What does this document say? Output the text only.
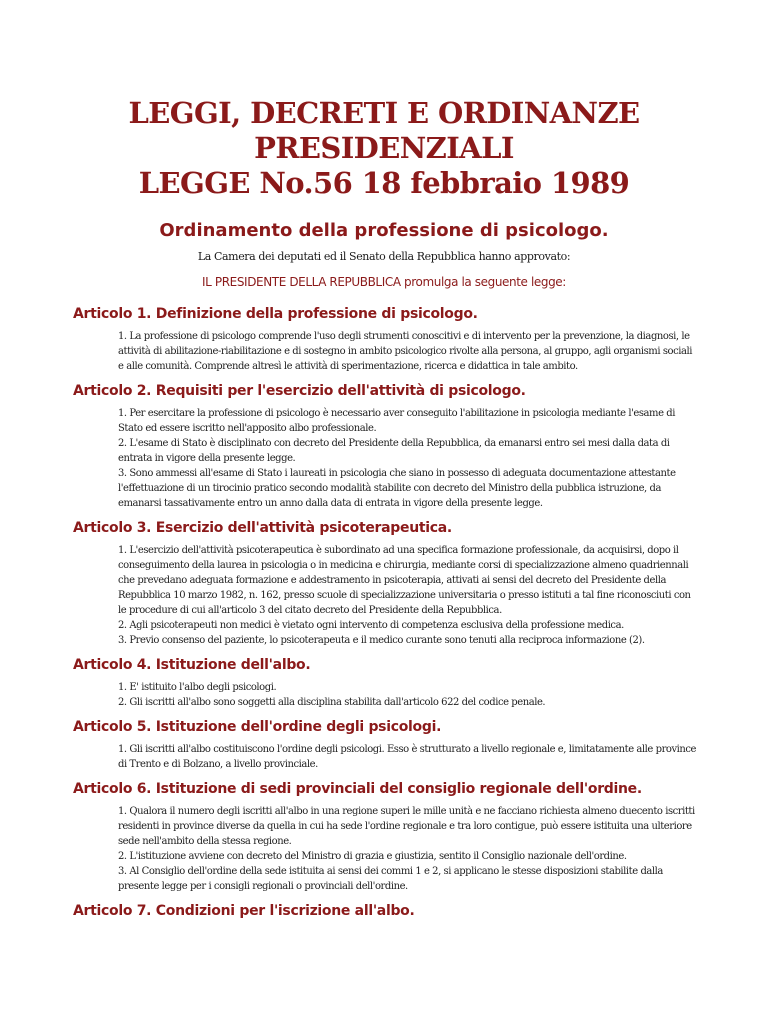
LEGGI, DECRETI E ORDINANZE
PRESIDENZIALI
LEGGE No.56 18 febbraio 1989
Ordinamento della professione di psicologo.
La Camera dei deputati ed il Senato della Repubblica hanno approvato:
IL PRESIDENTE DELLA REPUBBLICA promulga la seguente legge:
Articolo 1. Definizione della professione di psicologo.

1. La professione di psicologo comprende l'uso degli strumenti conoscitivi e di intervento per la prevenzione, la diagnosi, le attività di abilitazione-riabilitazione e di sostegno in ambito psicologico rivolte alla persona, al gruppo, agli organismi sociali e alle comunità. Comprende altresì le attività di sperimentazione, ricerca e didattica in tale ambito.

Articolo 2. Requisiti per l'esercizio dell'attività di psicologo.

1. Per esercitare la professione di psicologo è necessario aver conseguito l'abilitazione in psicologia mediante l'esame di Stato ed essere iscritto nell'apposito albo professionale.

2. L'esame di Stato è disciplinato con decreto del Presidente della Repubblica, da emanarsi entro sei mesi dalla data di entrata in vigore della presente legge.

3. Sono ammessi all'esame di Stato i laureati in psicologia che siano in possesso di adeguata documentazione attestante l'effettuazione di un tirocinio pratico secondo modalità stabilite con decreto del Ministro della pubblica istruzione, da emanarsi tassativamente entro un anno dalla data di entrata in vigore della presente legge.

Articolo 3. Esercizio dell'attività psicoterapeutica.

1. L'esercizio dell'attività psicoterapeutica è subordinato ad una specifica formazione professionale, da acquisirsi, dopo il conseguimento della laurea in psicologia o in medicina e chirurgia, mediante corsi di specializzazione almeno quadriennali che prevedano adeguata formazione e addestramento in psicoterapia, attivati ai sensi del decreto del Presidente della Repubblica 10 marzo 1982, n. 162, presso scuole di specializzazione universitaria o presso istituti a tal fine riconosciuti con le procedure di cui all'articolo 3 del citato decreto del Presidente della Repubblica.

2. Agli psicoterapeuti non medici è vietato ogni intervento di competenza esclusiva della professione medica.

3. Previo consenso del paziente, lo psicoterapeuta e il medico curante sono tenuti alla reciproca informazione (2).

Articolo 4. Istituzione dell'albo.

1. E' istituito l'albo degli psicologi.

2. Gli iscritti all'albo sono soggetti alla disciplina stabilita dall'articolo 622 del codice penale.

Articolo 5. Istituzione dell'ordine degli psicologi.

1. Gli iscritti all'albo costituiscono l'ordine degli psicologi. Esso è strutturato a livello regionale e, limitatamente alle province di Trento e di Bolzano, a livello provinciale.

Articolo 6. Istituzione di sedi provinciali del consiglio regionale dell'ordine.

1. Qualora il numero degli iscritti all'albo in una regione superi le mille unità e ne facciano richiesta almeno duecento iscritti residenti in province diverse da quella in cui ha sede l'ordine regionale e tra loro contigue, può essere istituita una ulteriore sede nell'ambito della stessa regione.

2. L'istituzione avviene con decreto del Ministro di grazia e giustizia, sentito il Consiglio nazionale dell'ordine.

3. Al Consiglio dell'ordine della sede istituita ai sensi dei commi 1 e 2, si applicano le stesse disposizioni stabilite dalla presente legge per i consigli regionali o provinciali dell'ordine.

Articolo 7. Condizioni per l'iscrizione all'albo.
